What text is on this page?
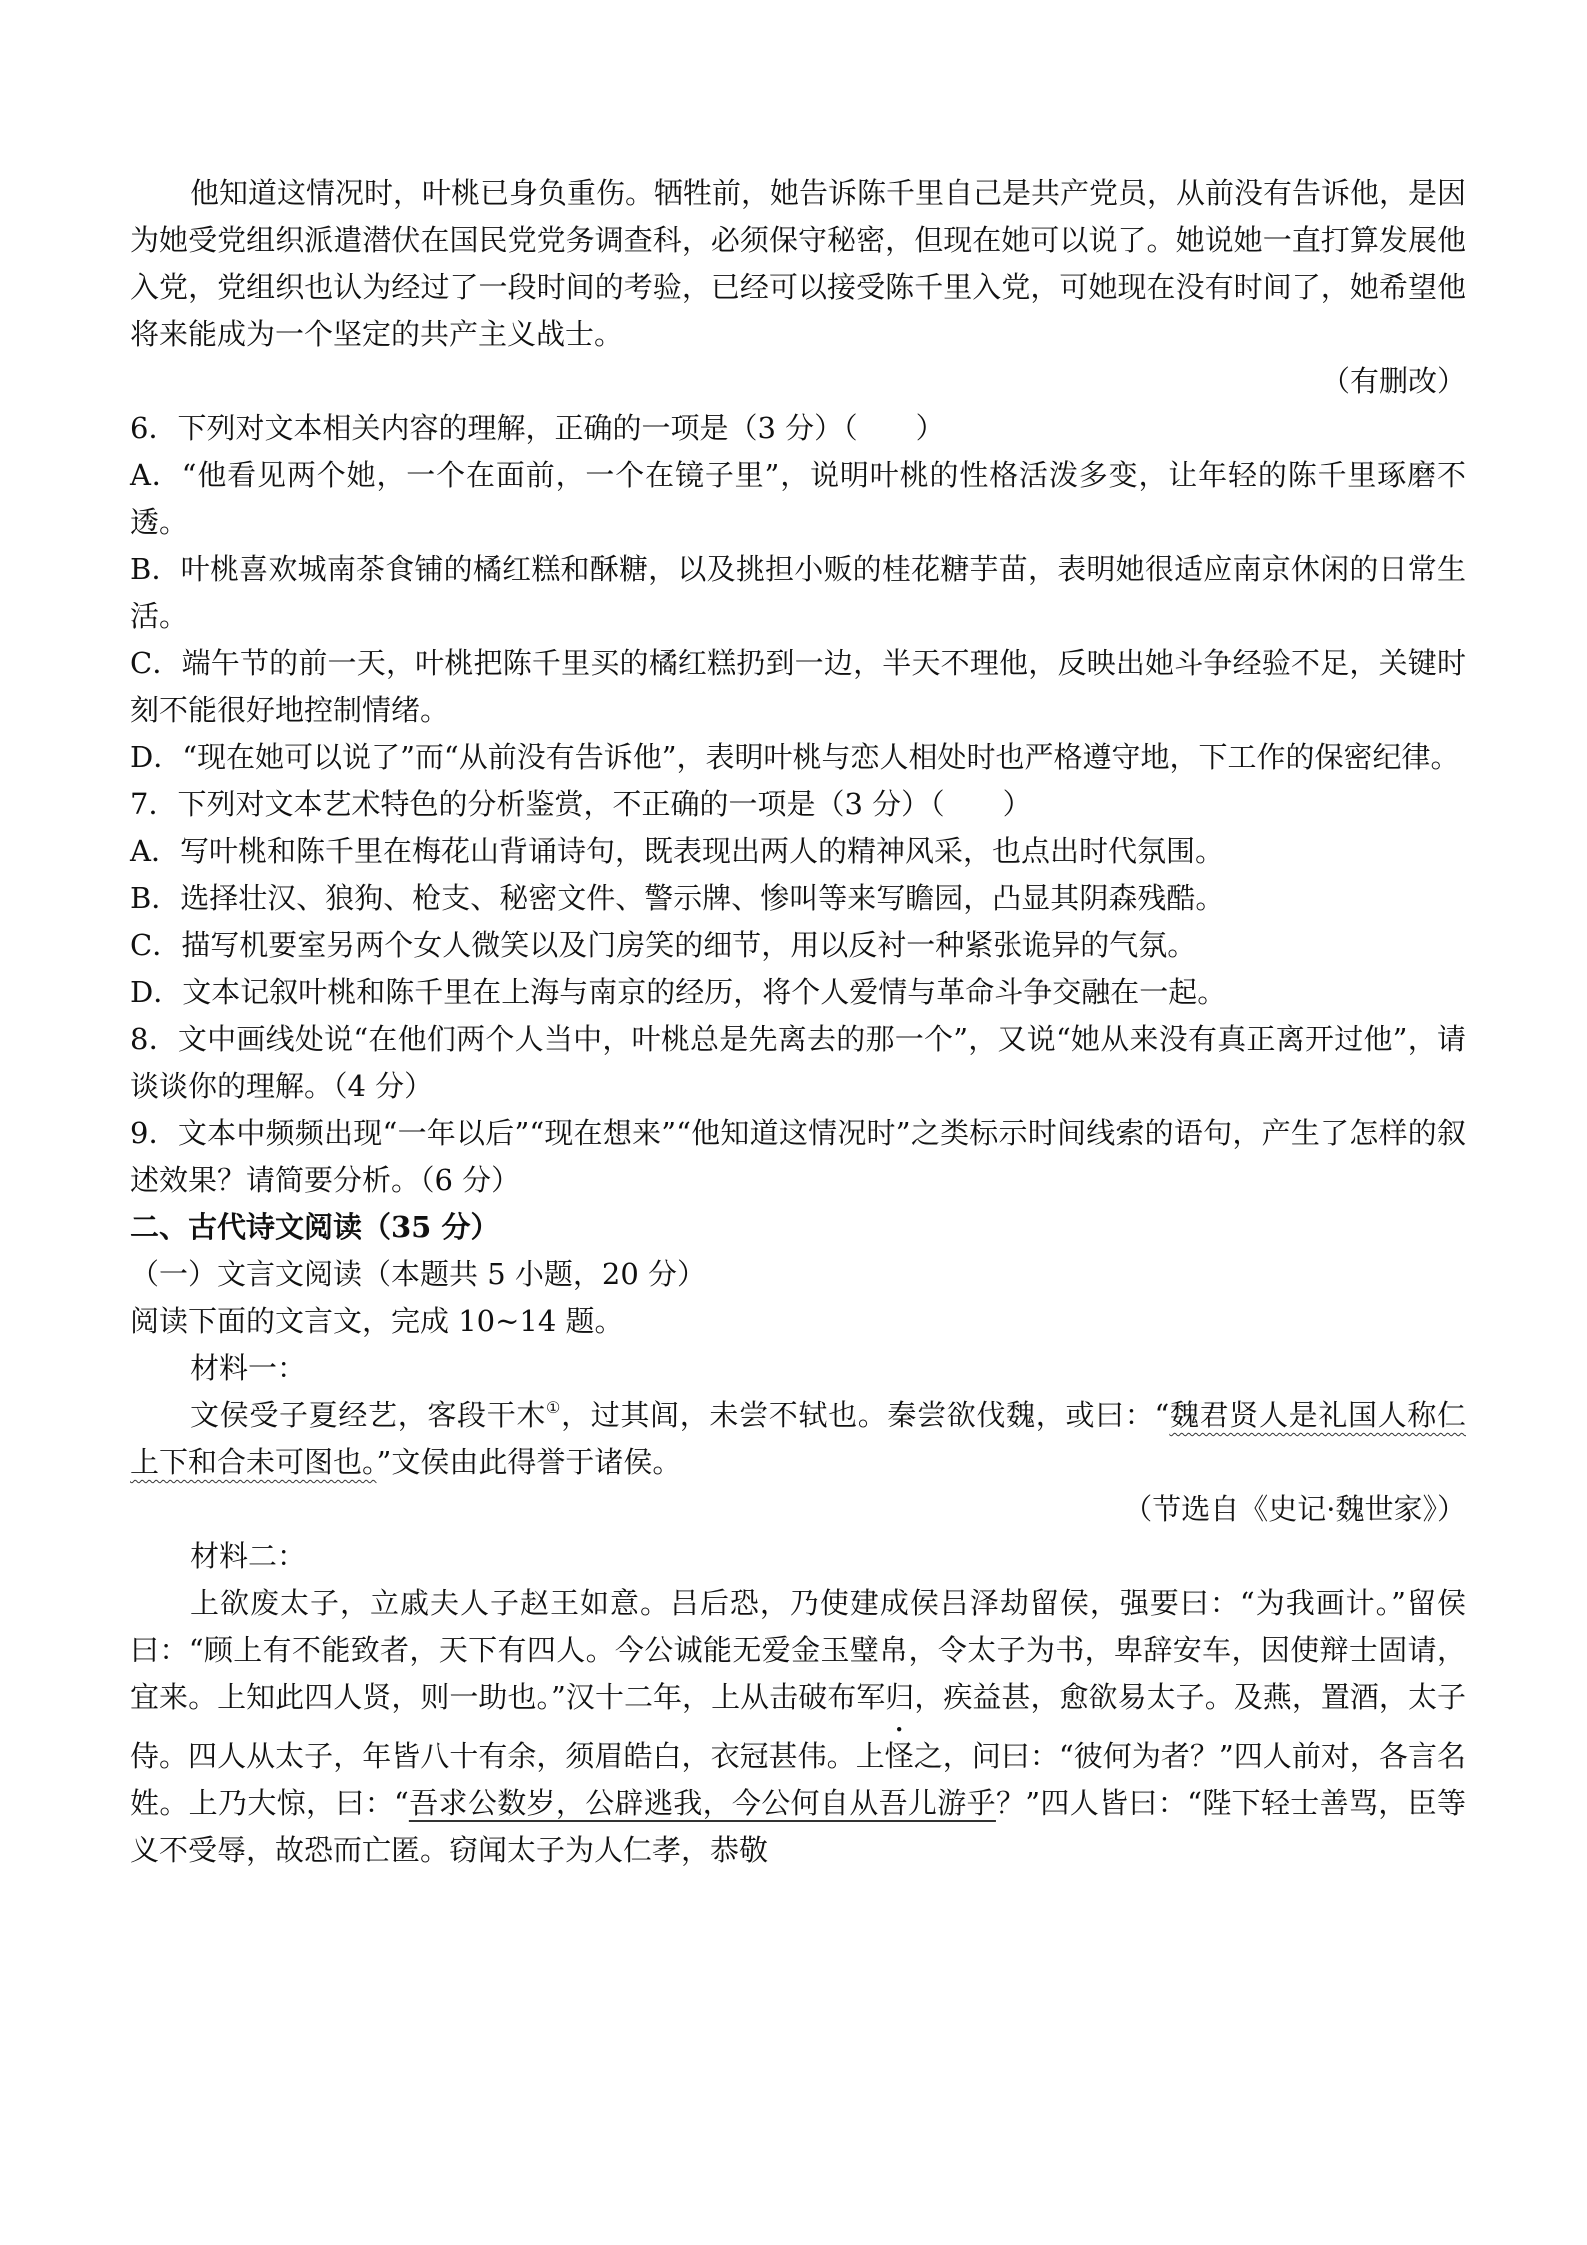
他知道这情况时，叶桃已身负重伤。牺牲前，她告诉陈千里自己是共产党员，从前没有告诉他，是因为她受党组织派遣潜伏在国民党党务调查科，必须保守秘密，但现在她可以说了。她说她一直打算发展他入党，党组织也认为经过了一段时间的考验，已经可以接受陈千里入党，可她现在没有时间了，她希望他将来能成为一个坚定的共产主义战士。

（有删改）

6．下列对文本相关内容的理解，正确的一项是（3 分）（　　）

A．“他看见两个她，一个在面前，一个在镜子里”，说明叶桃的性格活泼多变，让年轻的陈千里琢磨不透。

B．叶桃喜欢城南茶食铺的橘红糕和酥糖，以及挑担小贩的桂花糖芋苗，表明她很适应南京休闲的日常生活。

C．端午节的前一天，叶桃把陈千里买的橘红糕扔到一边，半天不理他，反映出她斗争经验不足，关键时刻不能很好地控制情绪。

D．“现在她可以说了”而“从前没有告诉他”，表明叶桃与恋人相处时也严格遵守地，下工作的保密纪律。

7．下列对文本艺术特色的分析鉴赏，不正确的一项是（3 分）（　　）

A．写叶桃和陈千里在梅花山背诵诗句，既表现出两人的精神风采，也点出时代氛围。

B．选择壮汉、狼狗、枪支、秘密文件、警示牌、惨叫等来写瞻园，凸显其阴森残酷。

C．描写机要室另两个女人微笑以及门房笑的细节，用以反衬一种紧张诡异的气氛。

D．文本记叙叶桃和陈千里在上海与南京的经历，将个人爱情与革命斗争交融在一起。

8．文中画线处说“在他们两个人当中，叶桃总是先离去的那一个”，又说“她从来没有真正离开过他”，请谈谈你的理解。（4 分）

9．文本中频频出现“一年以后”“现在想来”“他知道这情况时”之类标示时间线索的语句，产生了怎样的叙述效果？请简要分析。（6 分）

二、古代诗文阅读（35 分）

（一）文言文阅读（本题共 5 小题，20 分）

阅读下面的文言文，完成 10~14 题。

材料一：

文侯受子夏经艺，客段干木①，过其闾，未尝不轼也。秦尝欲伐魏，或曰：“魏君贤人是礼国人称仁上下和合未可图也。”文侯由此得誉于诸侯。

（节选自《史记·魏世家》）

材料二：

上欲废太子，立戚夫人子赵王如意。吕后恐，乃使建成侯吕泽劫留侯，强要曰：“为我画计。”留侯曰：“顾上有不能致者，天下有四人。今公诚能无爱金玉璧帛，令太子为书，卑辞安车，因使辩士固请，宜来。上知此四人贤，则一助也。”汉十二年，上从击破布军归，疾益甚，愈欲易太子。及燕，置酒，太子侍。四人从太子，年皆八十有余，须眉皓白，衣冠甚伟。上怪之，问曰：“彼何为者？”四人前对，各言名姓。上乃大惊，曰：“吾求公数岁，公辟逃我，今公何自从吾儿游乎？”四人皆曰：“陛下轻士善骂，臣等义不受辱，故恐而亡匿。窃闻太子为人仁孝，恭敬
